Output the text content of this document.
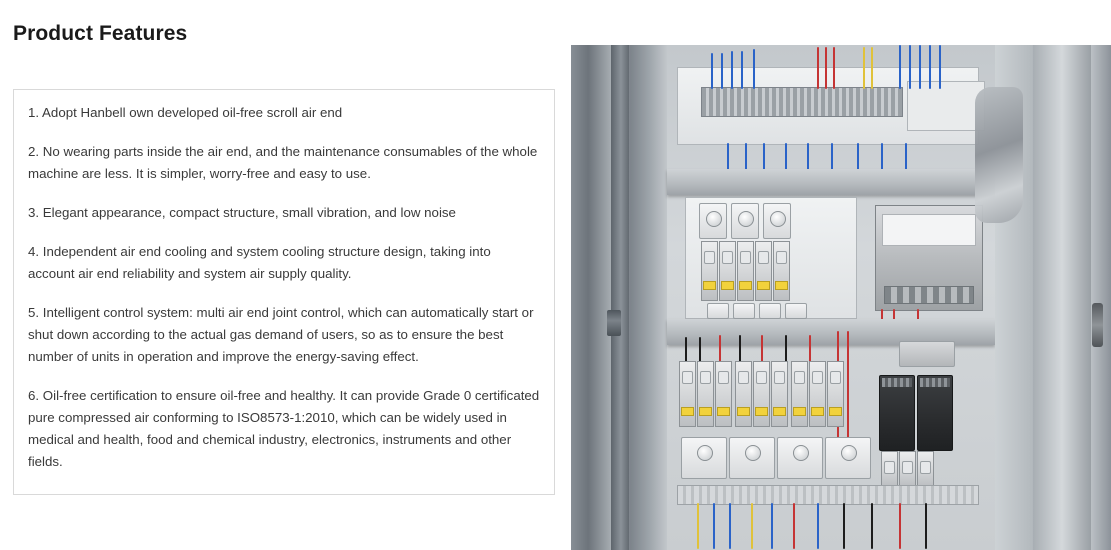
Product Features

1. Adopt Hanbell own developed oil-free scroll air end

2. No wearing parts inside the air end, and the maintenance consumables of the whole machine are less. It is simpler, worry-free and easy to use.

3. Elegant appearance, compact structure, small vibration, and low noise

4. Independent air end cooling and system cooling structure design, taking into account air end reliability and system air supply quality.

5. Intelligent control system: multi air end joint control, which can automatically start or shut down according to the actual gas demand of users, so as to ensure the best number of units in operation and improve the energy-saving effect.

6. Oil-free certification to ensure oil-free and healthy. It can provide Grade 0 certificated pure compressed air conforming to ISO8573-1:2010, which can be widely used in medical and health, food and chemical industry, electronics, instruments and other fields.
